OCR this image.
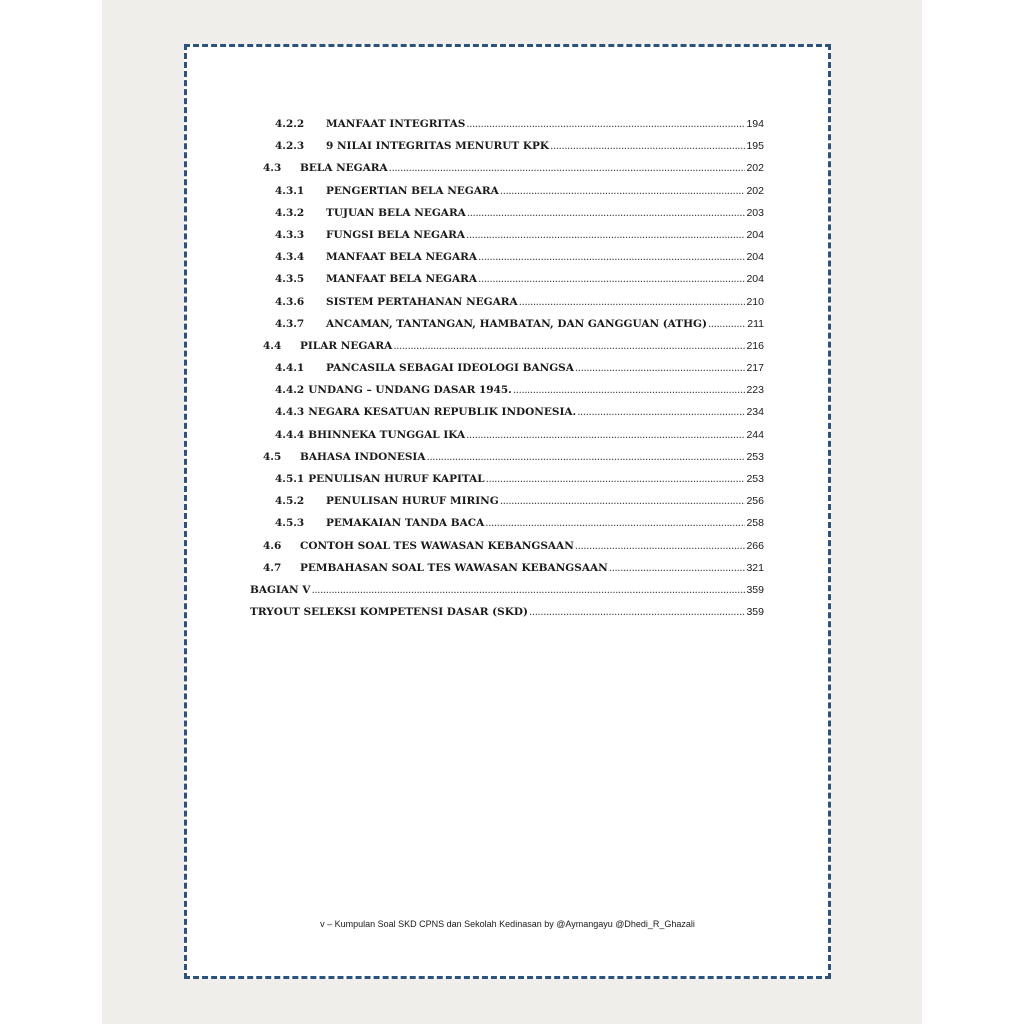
4.2.2	MANFAAT INTEGRITAS .....	194
4.2.3	9 NILAI INTEGRITAS MENURUT KPK .....	195
4.3	BELA NEGARA .....	202
4.3.1	PENGERTIAN BELA NEGARA .....	202
4.3.2	TUJUAN BELA NEGARA .....	203
4.3.3	FUNGSI BELA NEGARA .....	204
4.3.4	MANFAAT BELA NEGARA .....	204
4.3.5	MANFAAT BELA NEGARA .....	204
4.3.6	SISTEM PERTAHANAN NEGARA .....	210
4.3.7	ANCAMAN, TANTANGAN, HAMBATAN, DAN GANGGUAN (ATHG) .....	211
4.4	PILAR NEGARA .....	216
4.4.1	PANCASILA SEBAGAI IDEOLOGI BANGSA .....	217
4.4.2 UNDANG – UNDANG DASAR 1945. .....	223
4.4.3 NEGARA KESATUAN REPUBLIK INDONESIA. .....	234
4.4.4 BHINNEKA TUNGGAL IKA .....	244
4.5	BAHASA INDONESIA .....	253
4.5.1 PENULISAN HURUF KAPITAL .....	253
4.5.2	PENULISAN HURUF MIRING .....	256
4.5.3	PEMAKAIAN TANDA BACA .....	258
4.6	CONTOH SOAL TES WAWASAN KEBANGSAAN .....	266
4.7	PEMBAHASAN SOAL TES WAWASAN KEBANGSAAN .....	321
BAGIAN V .....	359
TRYOUT SELEKSI KOMPETENSI DASAR (SKD) .....	359
v – Kumpulan Soal SKD CPNS dan Sekolah Kedinasan by @Aymangayu @Dhedi_R_Ghazali
